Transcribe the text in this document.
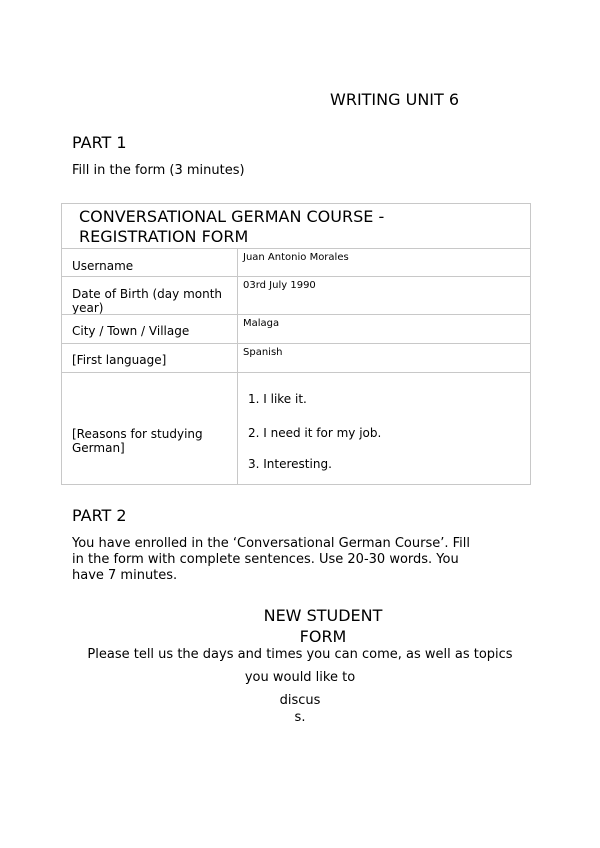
WRITING UNIT 6
PART 1
Fill in the form (3 minutes)
CONVERSATIONAL GERMAN COURSE -
REGISTRATION FORM
Username
Juan Antonio Morales
Date of Birth (day month
year)
03rd July 1990
City / Town / Village
Malaga
[First language]
Spanish
[Reasons for studying
German]
1. I like it.
2. I need it for my job.
3. Interesting.
PART 2
You have enrolled in the ‘Conversational German Course’. Fill
in the form with complete sentences. Use 20-30 words. You
have 7 minutes.
NEW STUDENT
FORM
Please tell us the days and times you can come, as well as topics
you would like to
discus
s.
